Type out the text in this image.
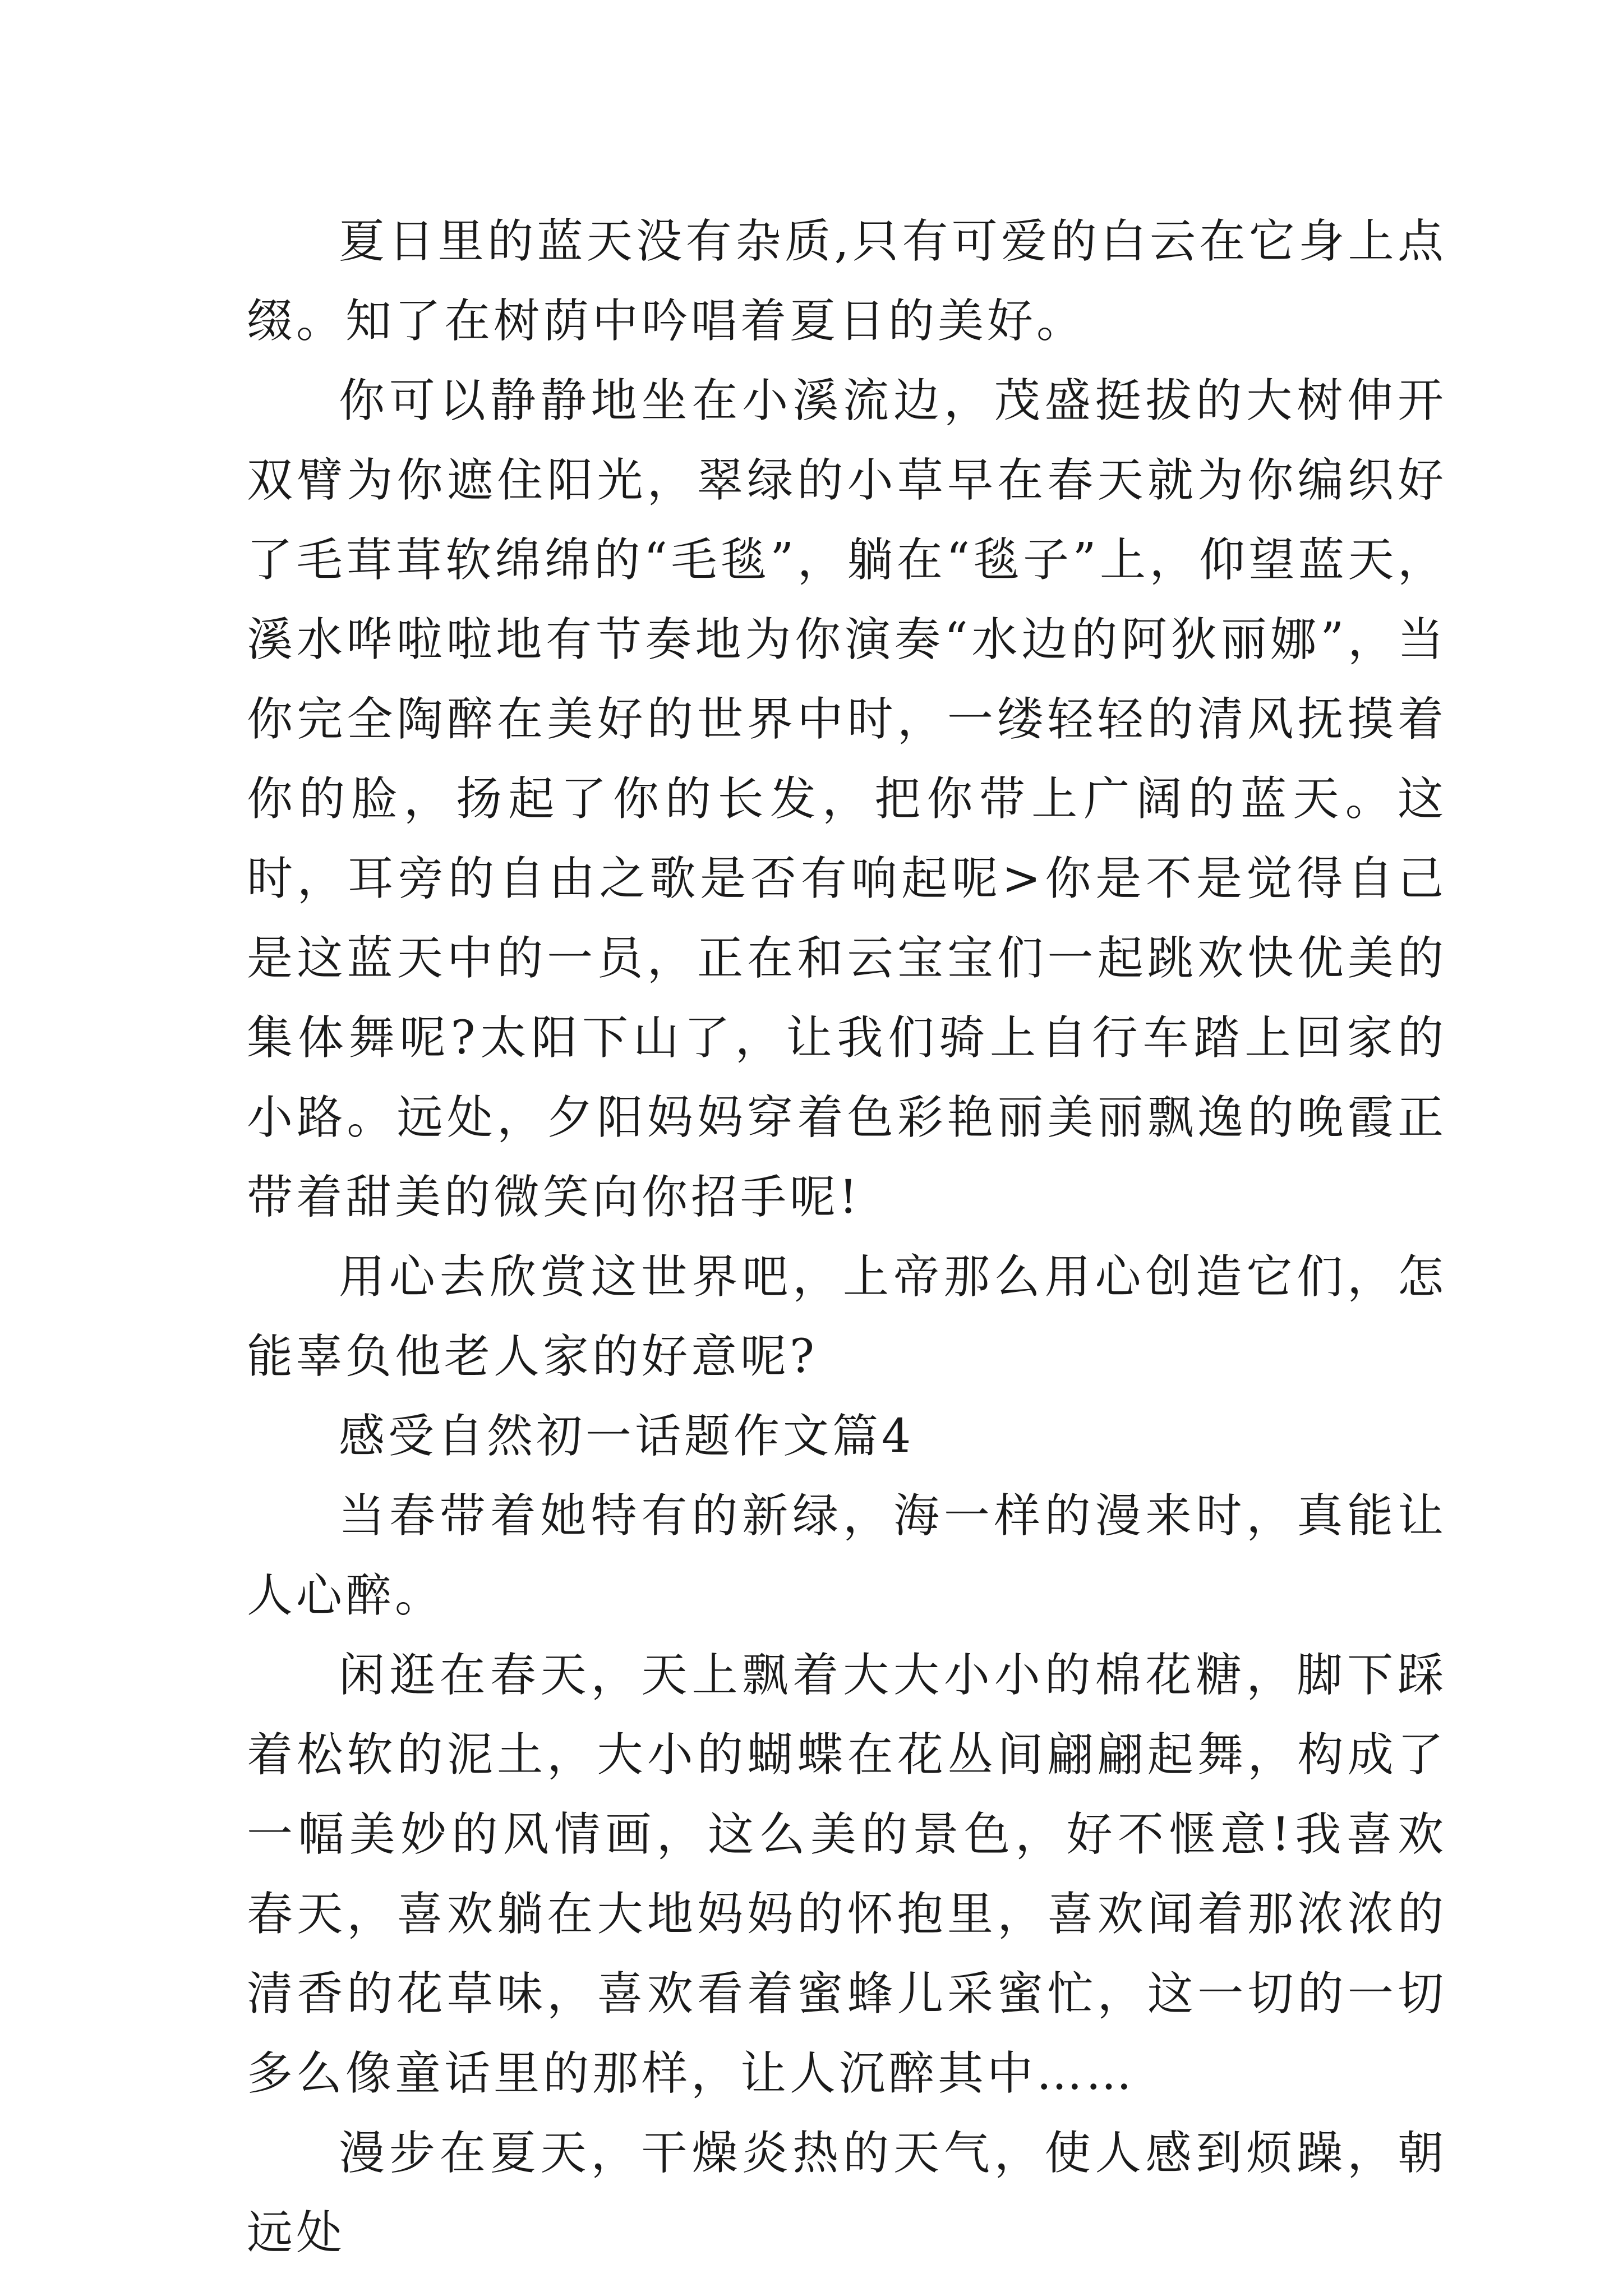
夏日里的蓝天没有杂质,只有可爱的白云在它身上点缀。知了在树荫中吟唱着夏日的美好。

你可以静静地坐在小溪流边，茂盛挺拔的大树伸开双臂为你遮住阳光，翠绿的小草早在春天就为你编织好了毛茸茸软绵绵的“毛毯”，躺在“毯子”上，仰望蓝天，溪水哗啦啦地有节奏地为你演奏“水边的阿狄丽娜”，当你完全陶醉在美好的世界中时，一缕轻轻的清风抚摸着你的脸，扬起了你的长发，把你带上广阔的蓝天。这时，耳旁的自由之歌是否有响起呢>你是不是觉得自己是这蓝天中的一员，正在和云宝宝们一起跳欢快优美的集体舞呢?太阳下山了，让我们骑上自行车踏上回家的小路。远处，夕阳妈妈穿着色彩艳丽美丽飘逸的晚霞正带着甜美的微笑向你招手呢!

用心去欣赏这世界吧，上帝那么用心创造它们，怎能辜负他老人家的好意呢?

感受自然初一话题作文篇4

当春带着她特有的新绿，海一样的漫来时，真能让人心醉。

闲逛在春天，天上飘着大大小小的棉花糖，脚下踩着松软的泥土，大小的蝴蝶在花丛间翩翩起舞，构成了一幅美妙的风情画，这么美的景色，好不惬意!我喜欢春天，喜欢躺在大地妈妈的怀抱里，喜欢闻着那浓浓的清香的花草味，喜欢看着蜜蜂儿采蜜忙，这一切的一切多么像童话里的那样，让人沉醉其中……

漫步在夏天，干燥炎热的天气，使人感到烦躁，朝远处
